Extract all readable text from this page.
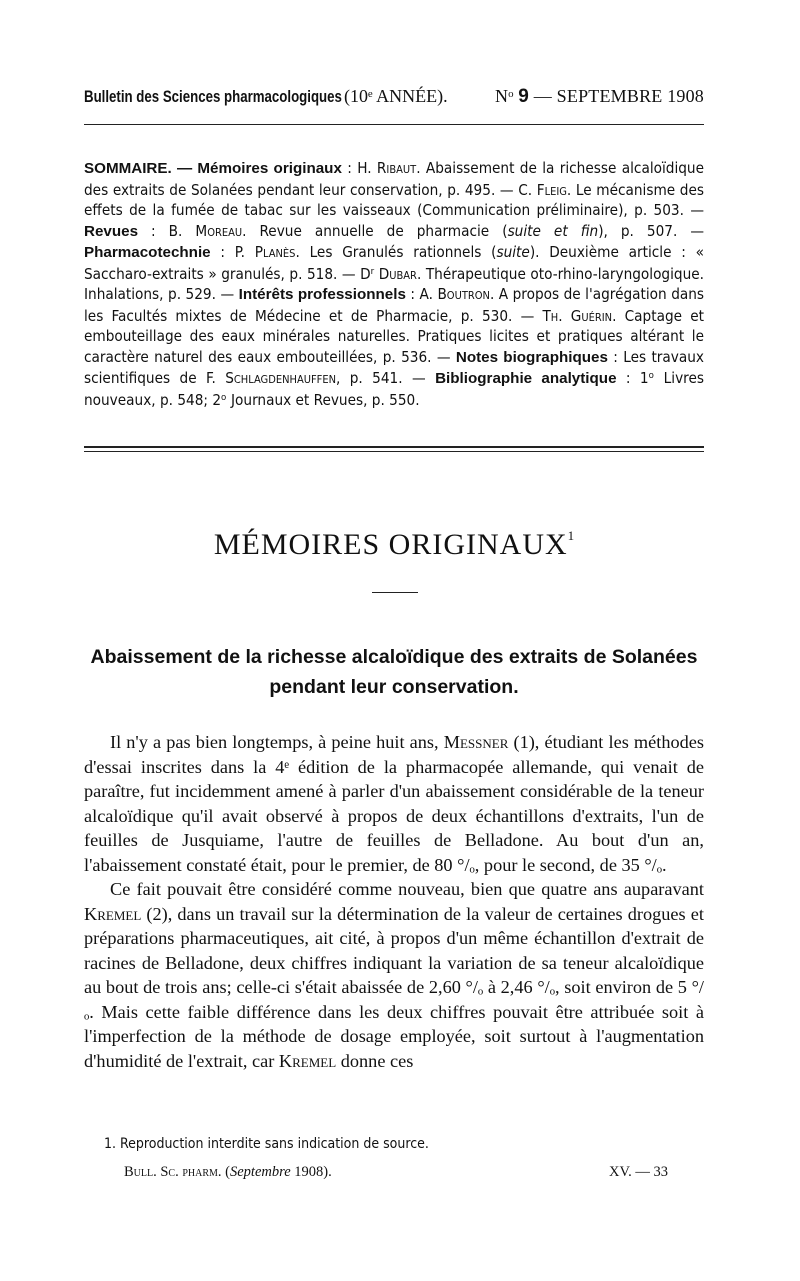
Bulletin des Sciences pharmacologiques (10ᵉ ANNÉE).	Nᵒ 9 — SEPTEMBRE 1908
SOMMAIRE. — Mémoires originaux : H. Ribaut. Abaissement de la richesse alcaloïdique des extraits de Solanées pendant leur conservation, p. 495. — C. Fleig. Le mécanisme des effets de la fumée de tabac sur les vaisseaux (Communication préliminaire), p. 503. — Revues : B. Moreau. Revue annuelle de pharmacie (suite et fin), p. 507. — Pharmacotechnie : P. Planès. Les Granulés rationnels (suite). Deuxième article : « Saccharo-extraits » granulés, p. 518. — Dʳ Dubar. Thérapeutique oto-rhino-laryngologique. Inhalations, p. 529. — Intérêts professionnels : A. Boutron. A propos de l'agrégation dans les Facultés mixtes de Médecine et de Pharmacie, p. 530. — Th. Guérin. Captage et embouteillage des eaux minérales naturelles. Pratiques licites et pratiques altérant le caractère naturel des eaux embouteillées, p. 536. — Notes biographiques : Les travaux scientifiques de F. Schlagdenhauffen, p. 541. — Bibliographie analytique : 1ᵒ Livres nouveaux, p. 548; 2ᵒ Journaux et Revues, p. 550.
MÉMOIRES ORIGINAUX$^1$
Abaissement de la richesse alcaloïdique des extraits de Solanées
pendant leur conservation.

Il n'y a pas bien longtemps, à peine huit ans, Messner (1), étudiant les méthodes d'essai inscrites dans la 4ᵉ édition de la pharmacopée allemande, qui venait de paraître, fut incidemment amené à parler d'un abaissement considérable de la teneur alcaloïdique qu'il avait observé à propos de deux échantillons d'extraits, l'un de feuilles de Jusquiame, l'autre de feuilles de Belladone. Au bout d'un an, l'abaissement constaté était, pour le premier, de 80 °/ₒ, pour le second, de 35 °/ₒ.

Ce fait pouvait être considéré comme nouveau, bien que quatre ans auparavant Kremel (2), dans un travail sur la détermination de la valeur de certaines drogues et préparations pharmaceutiques, ait cité, à propos d'un même échantillon d'extrait de racines de Belladone, deux chiffres indiquant la variation de sa teneur alcaloïdique au bout de trois ans; celle-ci s'était abaissée de 2,60 °/ₒ à 2,46 °/ₒ, soit environ de 5 °/ₒ. Mais cette faible différence dans les deux chiffres pouvait être attribuée soit à l'imperfection de la méthode de dosage employée, soit surtout à l'augmentation d'humidité de l'extrait, car Kremel donne ces

1. Reproduction interdite sans indication de source.
Bull. Sc. pharm. (Septembre 1908).	XV. — 33
